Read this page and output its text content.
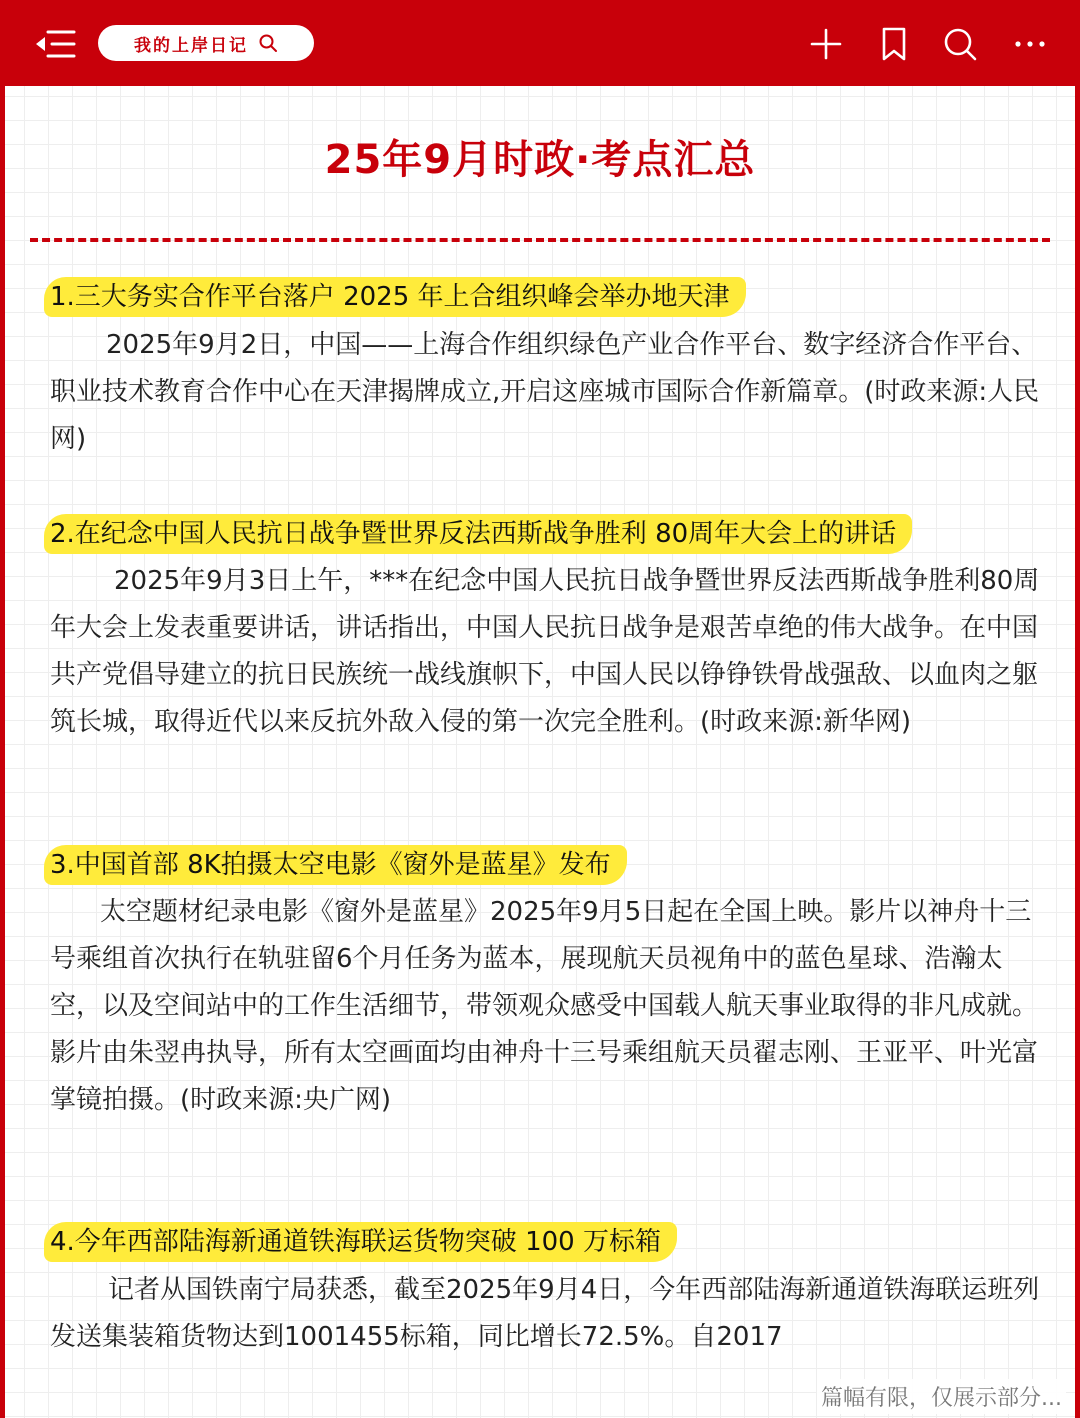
我的上岸日记
25年9月时政·考点汇总
1.三大务实合作平台落户 2025 年上合组织峰会举办地天津

2025年9月2日，中国——上海合作组织绿色产业合作平台、数字经济合作平台、职业技术教育合作中心在天津揭牌成立,开启这座城市国际合作新篇章。(时政来源:人民网)

2.在纪念中国人民抗日战争暨世界反法西斯战争胜利 80周年大会上的讲话

2025年9月3日上午，***在纪念中国人民抗日战争暨世界反法西斯战争胜利80周年大会上发表重要讲话，讲话指出，中国人民抗日战争是艰苦卓绝的伟大战争。在中国共产党倡导建立的抗日民族统一战线旗帜下，中国人民以铮铮铁骨战强敌、以血肉之躯筑长城，取得近代以来反抗外敌入侵的第一次完全胜利。(时政来源:新华网)

3.中国首部 8K拍摄太空电影《窗外是蓝星》发布

太空题材纪录电影《窗外是蓝星》2025年9月5日起在全国上映。影片以神舟十三号乘组首次执行在轨驻留6个月任务为蓝本，展现航天员视角中的蓝色星球、浩瀚太空，以及空间站中的工作生活细节，带领观众感受中国载人航天事业取得的非凡成就。影片由朱翌冉执导，所有太空画面均由神舟十三号乘组航天员翟志刚、王亚平、叶光富掌镜拍摄。(时政来源:央广网)

4.今年西部陆海新通道铁海联运货物突破 100 万标箱

记者从国铁南宁局获悉，截至2025年9月4日，今年西部陆海新通道铁海联运班列发送集装箱货物达到1001455标箱，同比增长72.5%。自2017

篇幅有限，仅展示部分...
